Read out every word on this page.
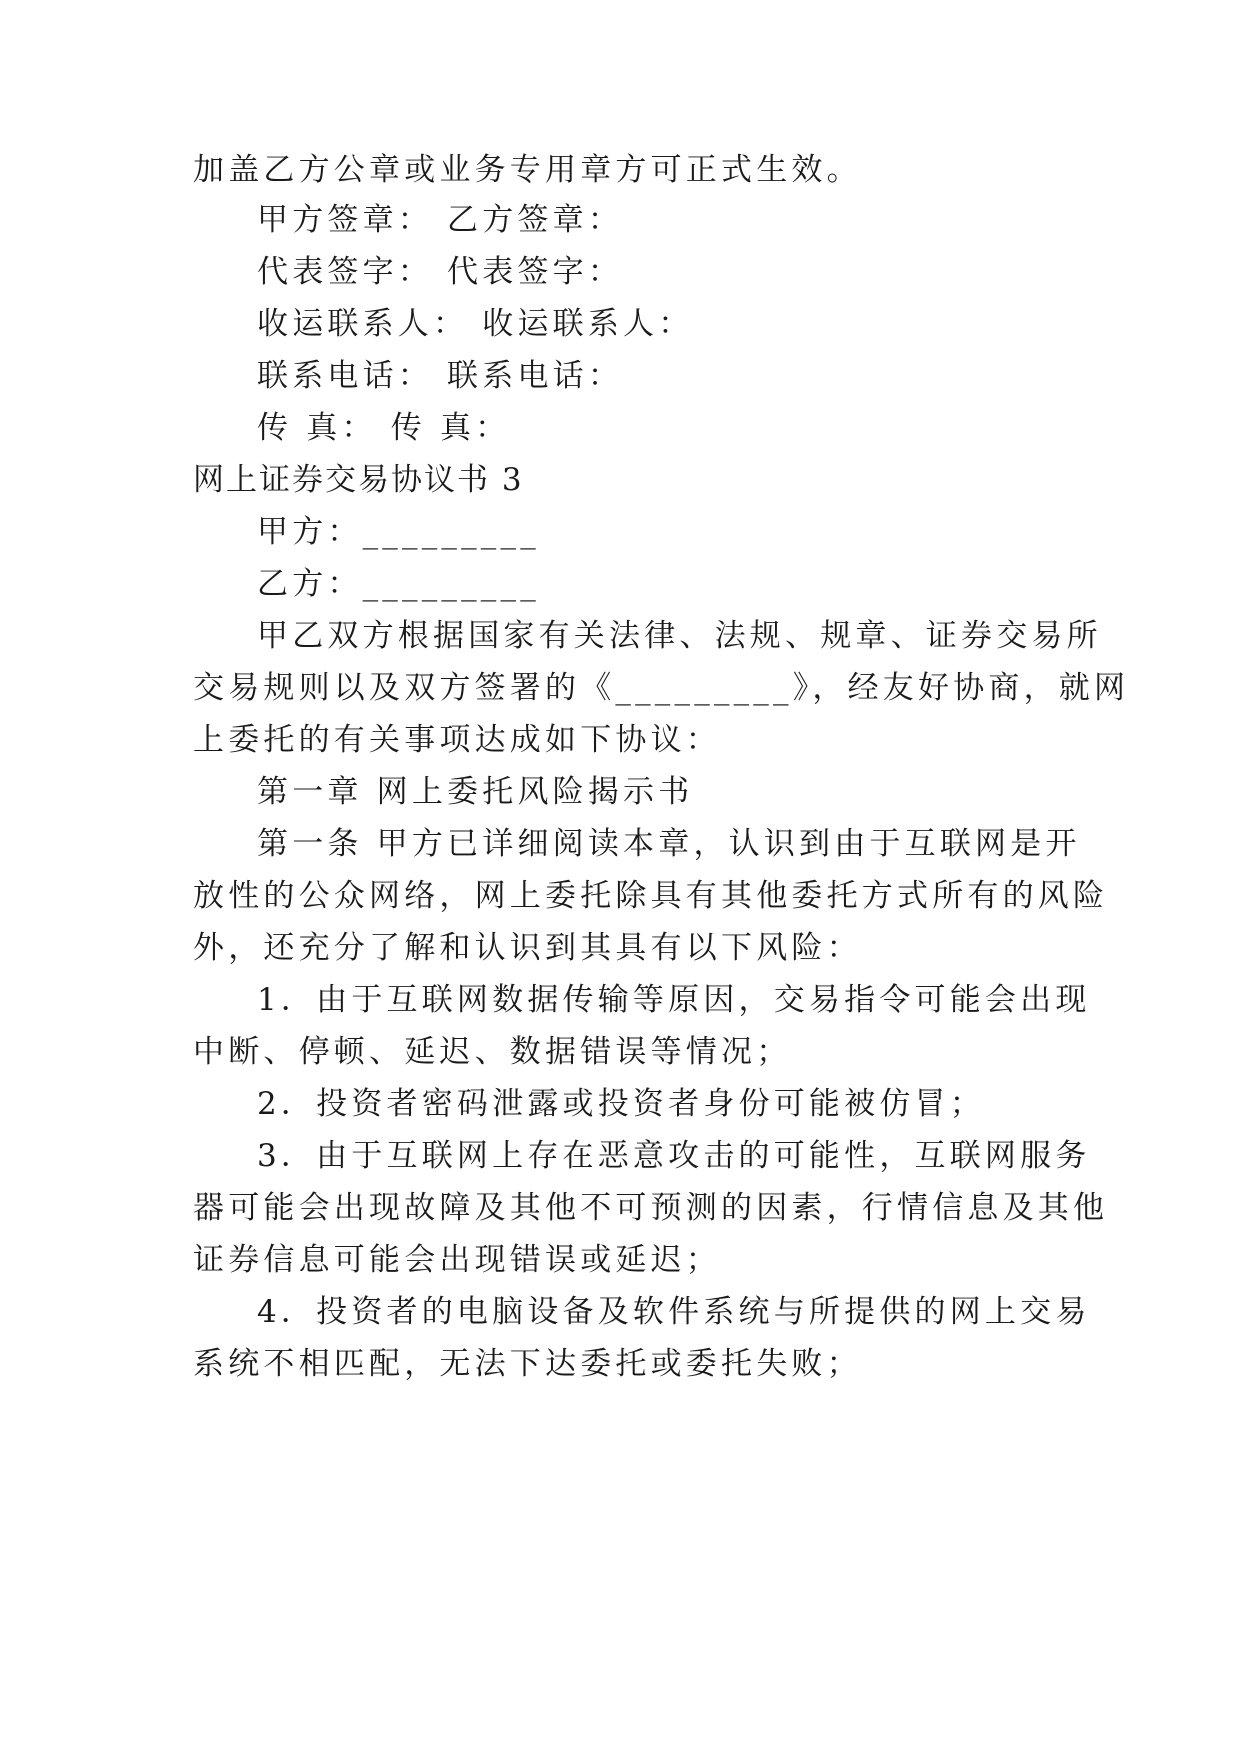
加盖乙方公章或业务专用章方可正式生效。
甲方签章： 乙方签章：
代表签字： 代表签字：
收运联系人： 收运联系人：
联系电话： 联系电话：
传 真： 传 真：
网上证券交易协议书 3
甲方：_________
乙方：_________
甲乙双方根据国家有关法律、法规、规章、证券交易所
交易规则以及双方签署的《_________》，经友好协商，就网
上委托的有关事项达成如下协议：
第一章 网上委托风险揭示书
第一条 甲方已详细阅读本章，认识到由于互联网是开
放性的公众网络，网上委托除具有其他委托方式所有的风险
外，还充分了解和认识到其具有以下风险：
1．由于互联网数据传输等原因，交易指令可能会出现
中断、停顿、延迟、数据错误等情况；
2．投资者密码泄露或投资者身份可能被仿冒；
3．由于互联网上存在恶意攻击的可能性，互联网服务
器可能会出现故障及其他不可预测的因素，行情信息及其他
证券信息可能会出现错误或延迟；
4．投资者的电脑设备及软件系统与所提供的网上交易
系统不相匹配，无法下达委托或委托失败；
